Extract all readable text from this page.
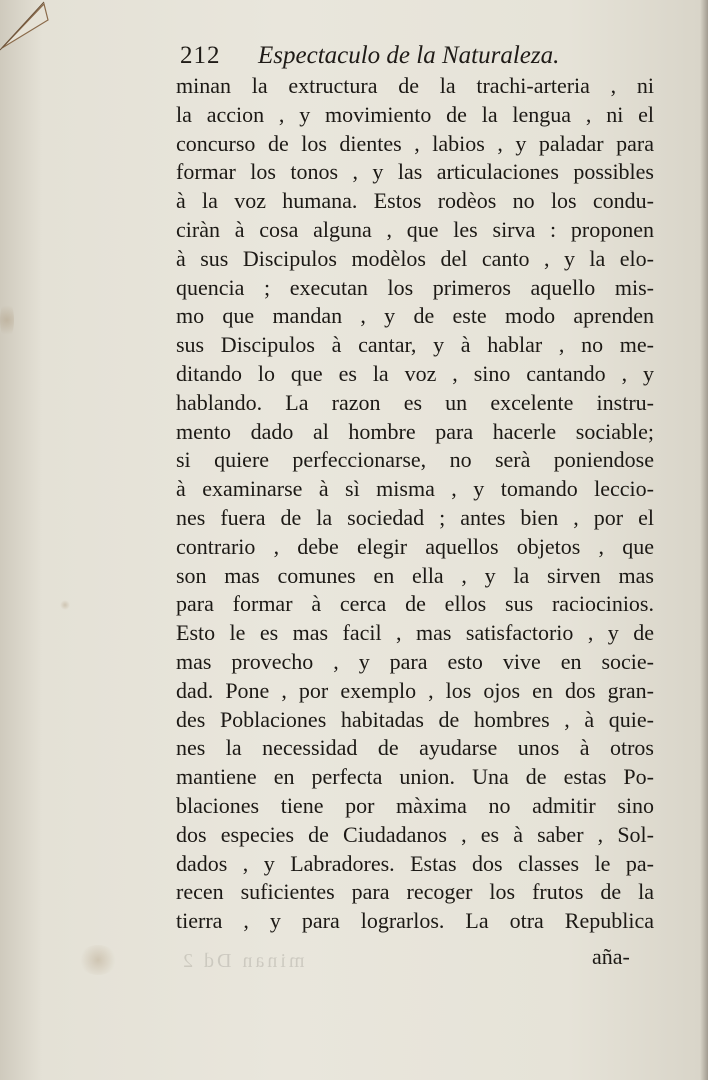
212 Espectaculo de la Naturaleza.
minan la extructura de la trachi-arteria , ni
la accion , y movimiento de la lengua , ni el
concurso de los dientes , labios , y paladar para
formar los tonos , y las articulaciones possibles
à la voz humana. Estos rodèos no los condu-
ciràn à cosa alguna , que les sirva : proponen
à sus Discipulos modèlos del canto , y la elo-
quencia ; executan los primeros aquello mis-
mo que mandan , y de este modo aprenden
sus Discipulos à cantar, y à hablar , no me-
ditando lo que es la voz , sino cantando , y
hablando. La razon es un excelente instru-
mento dado al hombre para hacerle sociable;
si quiere perfeccionarse, no serà poniendose
à examinarse à sì misma , y tomando leccio-
nes fuera de la sociedad ; antes bien , por el
contrario , debe elegir aquellos objetos , que
son mas comunes en ella , y la sirven mas
para formar à cerca de ellos sus raciocinios.
Esto le es mas facil , mas satisfactorio , y de
mas provecho , y para esto vive en socie-
dad. Pone , por exemplo , los ojos en dos gran-
des Poblaciones habitadas de hombres , à quie-
nes la necessidad de ayudarse unos à otros
mantiene en perfecta union. Una de estas Po-
blaciones tiene por màxima no admitir sino
dos especies de Ciudadanos , es à saber , Sol-
dados , y Labradores. Estas dos classes le pa-
recen suficientes para recoger los frutos de la
tierra , y para lograrlos. La otra Republica
minan Dd 2	aña-
